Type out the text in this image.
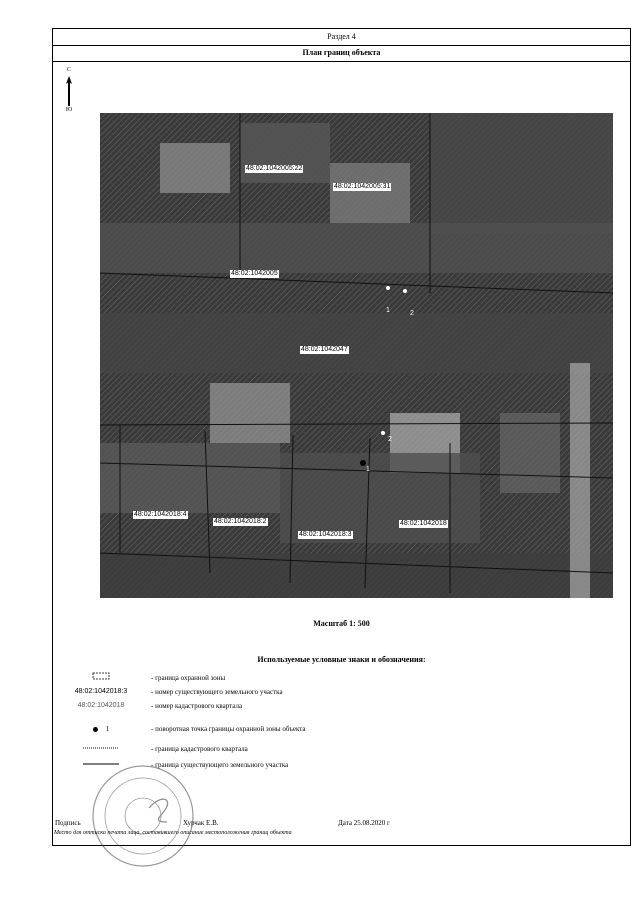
Раздел 4
План границ объекта
С
Ю
48:02:1042005:22
48:02:1042005:31
48:02:1042005
48:02:1042047
48:02:1042018:4
48:02:1042018:2
48:02:1042018:3
48:02:1042018
1	2
1
2
Масштаб 1: 500
Используемые условные знаки и обозначения:
- граница охранной зоны
48:02:1042018:3	- номер существующего земельного участка
48:02:1042018	- номер кадастрового квартала
1	- поворотная точка границы охранной зоны объекта
- граница кадастрового квартала
- граница существующего земельного участка
Подпись	Хурчак Е.В.	Дата 25.08.2020 г
Место для оттиска печати лица, составившего описание местоположения границ объекта
